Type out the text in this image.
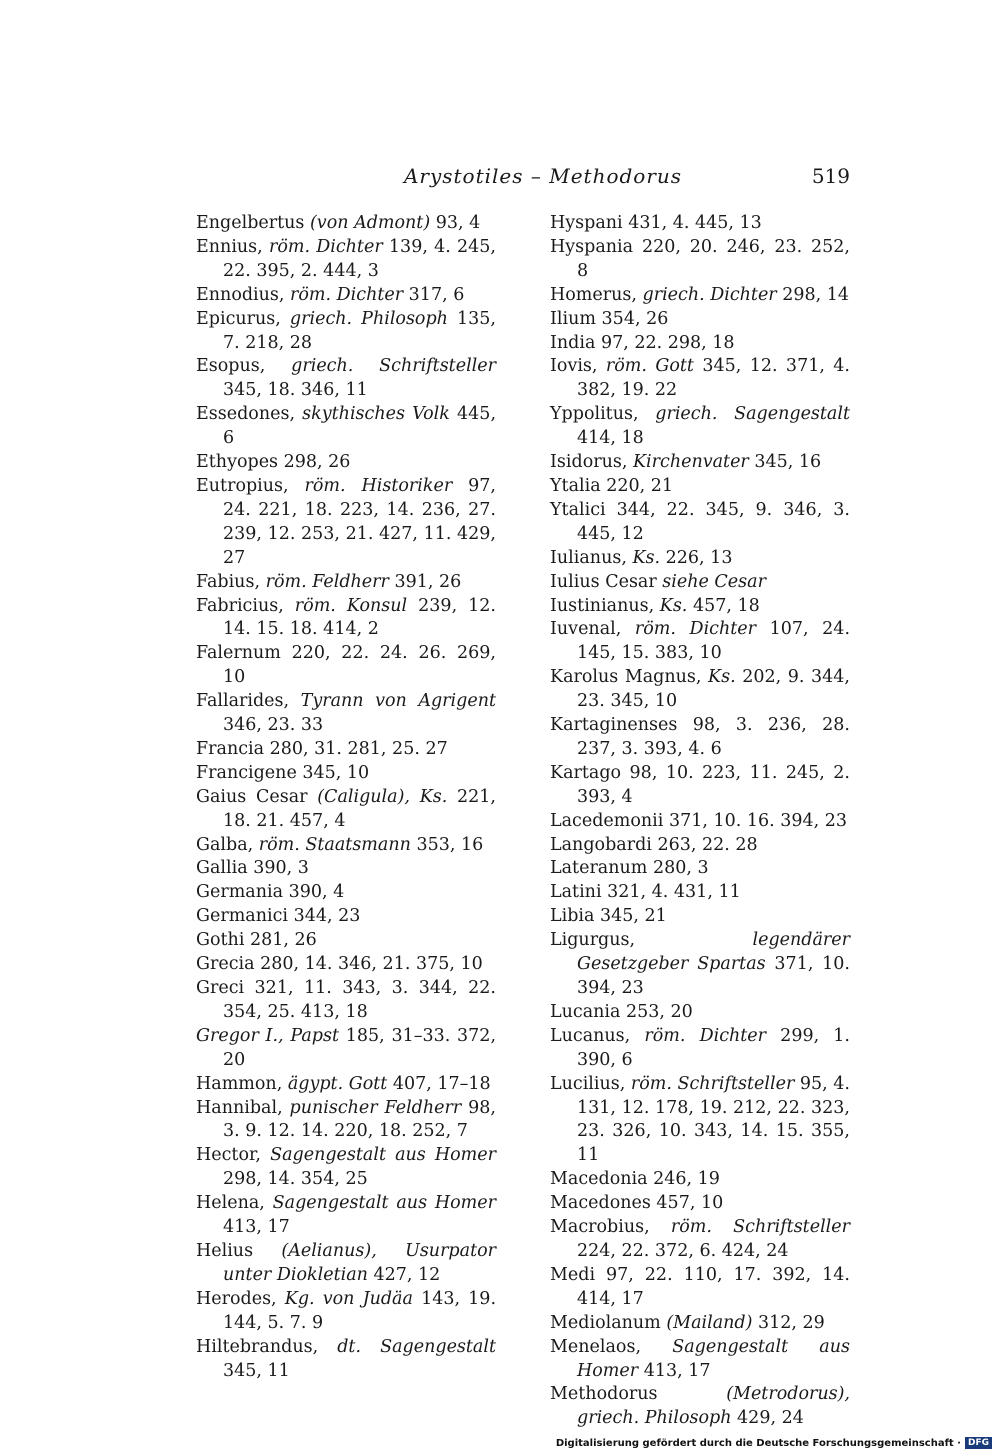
Arystotiles – Methodorus	519
Engelbertus (von Admont) 93, 4
Ennius, röm. Dichter 139, 4. 245, 22. 395, 2. 444, 3
Ennodius, röm. Dichter 317, 6
Epicurus, griech. Philosoph 135, 7. 218, 28
Esopus, griech. Schriftsteller 345, 18. 346, 11
Essedones, skythisches Volk 445, 6
Ethyopes 298, 26
Eutropius, röm. Historiker 97, 24. 221, 18. 223, 14. 236, 27. 239, 12. 253, 21. 427, 11. 429, 27
Fabius, röm. Feldherr 391, 26
Fabricius, röm. Konsul 239, 12. 14. 15. 18. 414, 2
Falernum 220, 22. 24. 26. 269, 10
Fallarides, Tyrann von Agrigent 346, 23. 33
Francia 280, 31. 281, 25. 27
Francigene 345, 10
Gaius Cesar (Caligula), Ks. 221, 18. 21. 457, 4
Galba, röm. Staatsmann 353, 16
Gallia 390, 3
Germania 390, 4
Germanici 344, 23
Gothi 281, 26
Grecia 280, 14. 346, 21. 375, 10
Greci 321, 11. 343, 3. 344, 22. 354, 25. 413, 18
Gregor I., Papst 185, 31–33. 372, 20
Hammon, ägypt. Gott 407, 17–18
Hannibal, punischer Feldherr 98, 3. 9. 12. 14. 220, 18. 252, 7
Hector, Sagengestalt aus Homer 298, 14. 354, 25
Helena, Sagengestalt aus Homer 413, 17
Helius (Aelianus), Usurpator unter Diokletian 427, 12
Herodes, Kg. von Judäa 143, 19. 144, 5. 7. 9
Hiltebrandus, dt. Sagengestalt 345, 11
Hyspani 431, 4. 445, 13
Hyspania 220, 20. 246, 23. 252, 8
Homerus, griech. Dichter 298, 14
Ilium 354, 26
India 97, 22. 298, 18
Iovis, röm. Gott 345, 12. 371, 4. 382, 19. 22
Yppolitus, griech. Sagengestalt 414, 18
Isidorus, Kirchenvater 345, 16
Ytalia 220, 21
Ytalici 344, 22. 345, 9. 346, 3. 445, 12
Iulianus, Ks. 226, 13
Iulius Cesar siehe Cesar
Iustinianus, Ks. 457, 18
Iuvenal, röm. Dichter 107, 24. 145, 15. 383, 10
Karolus Magnus, Ks. 202, 9. 344, 23. 345, 10
Kartaginenses 98, 3. 236, 28. 237, 3. 393, 4. 6
Kartago 98, 10. 223, 11. 245, 2. 393, 4
Lacedemonii 371, 10. 16. 394, 23
Langobardi 263, 22. 28
Lateranum 280, 3
Latini 321, 4. 431, 11
Libia 345, 21
Ligurgus, legendärer Gesetzgeber Spartas 371, 10. 394, 23
Lucania 253, 20
Lucanus, röm. Dichter 299, 1. 390, 6
Lucilius, röm. Schriftsteller 95, 4. 131, 12. 178, 19. 212, 22. 323, 23. 326, 10. 343, 14. 15. 355, 11
Macedonia 246, 19
Macedones 457, 10
Macrobius, röm. Schriftsteller 224, 22. 372, 6. 424, 24
Medi 97, 22. 110, 17. 392, 14. 414, 17
Mediolanum (Mailand) 312, 29
Menelaos, Sagengestalt aus Homer 413, 17
Methodorus (Metrodorus), griech. Philosoph 429, 24
Digitalisierung gefördert durch die Deutsche Forschungsgemeinschaft · DFG
